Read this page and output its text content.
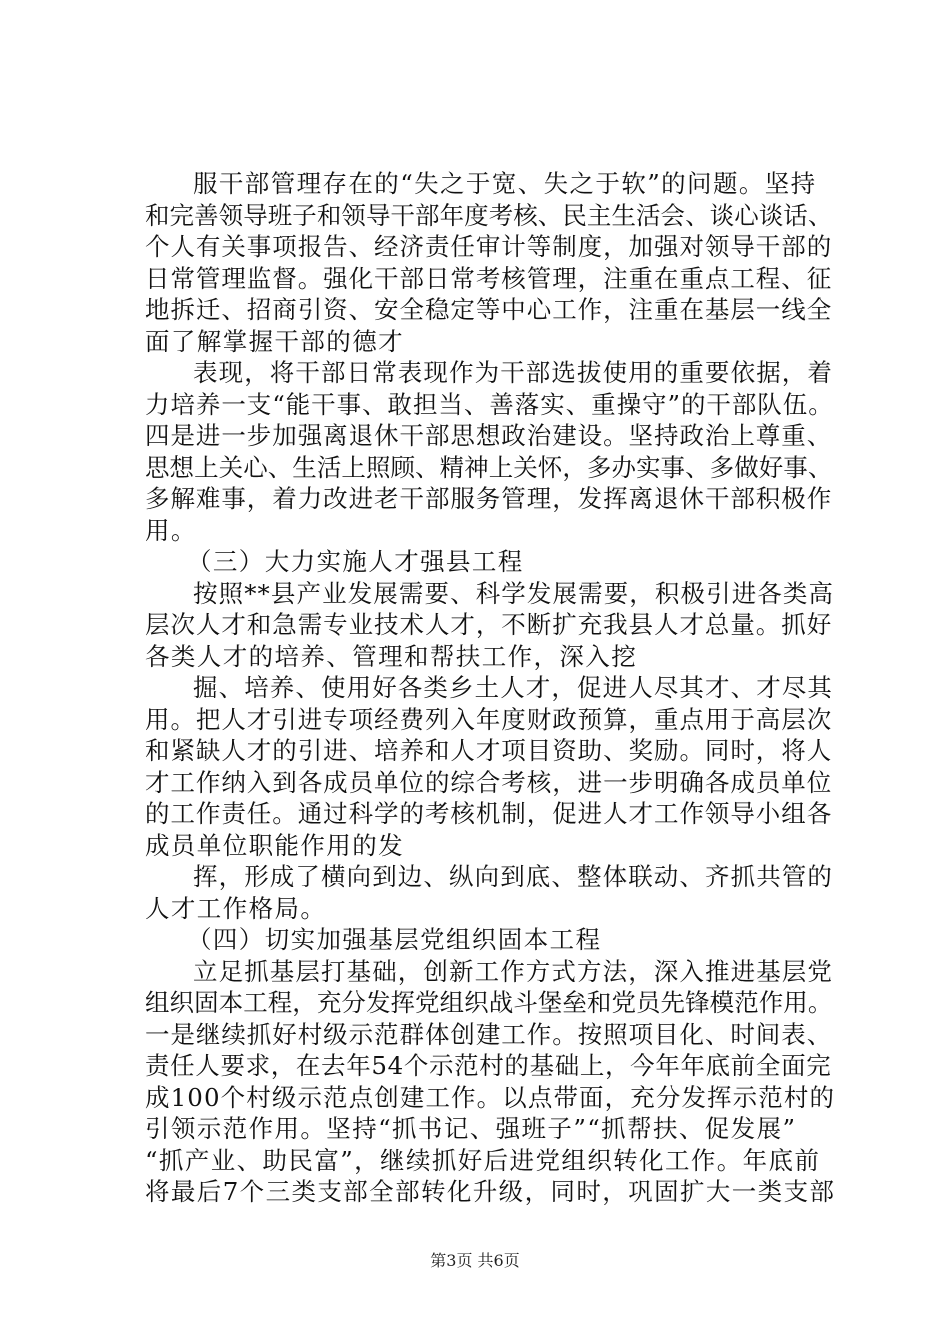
服干部管理存在的“失之于宽、失之于软”的问题。坚持
和完善领导班子和领导干部年度考核、民主生活会、谈心谈话、
个人有关事项报告、经济责任审计等制度，加强对领导干部的
日常管理监督。强化干部日常考核管理，注重在重点工程、征
地拆迁、招商引资、安全稳定等中心工作，注重在基层一线全
面了解掌握干部的德才
表现，将干部日常表现作为干部选拔使用的重要依据，着
力培养一支“能干事、敢担当、善落实、重操守”的干部队伍。
四是进一步加强离退休干部思想政治建设。坚持政治上尊重、
思想上关心、生活上照顾、精神上关怀，多办实事、多做好事、
多解难事，着力改进老干部服务管理，发挥离退休干部积极作
用。
（三）大力实施人才强县工程
按照**县产业发展需要、科学发展需要，积极引进各类高
层次人才和急需专业技术人才，不断扩充我县人才总量。抓好
各类人才的培养、管理和帮扶工作，深入挖
掘、培养、使用好各类乡土人才，促进人尽其才、才尽其
用。把人才引进专项经费列入年度财政预算，重点用于高层次
和紧缺人才的引进、培养和人才项目资助、奖励。同时，将人
才工作纳入到各成员单位的综合考核，进一步明确各成员单位
的工作责任。通过科学的考核机制，促进人才工作领导小组各
成员单位职能作用的发
挥，形成了横向到边、纵向到底、整体联动、齐抓共管的
人才工作格局。
（四）切实加强基层党组织固本工程
立足抓基层打基础，创新工作方式方法，深入推进基层党
组织固本工程，充分发挥党组织战斗堡垒和党员先锋模范作用。
一是继续抓好村级示范群体创建工作。按照项目化、时间表、
责任人要求，在去年54个示范村的基础上，今年年底前全面完
成100个村级示范点创建工作。以点带面，充分发挥示范村的
引领示范作用。坚持“抓书记、强班子”“抓帮扶、促发展”
“抓产业、助民富”，继续抓好后进党组织转化工作。年底前
将最后7个三类支部全部转化升级，同时，巩固扩大一类支部
第3页 共6页
